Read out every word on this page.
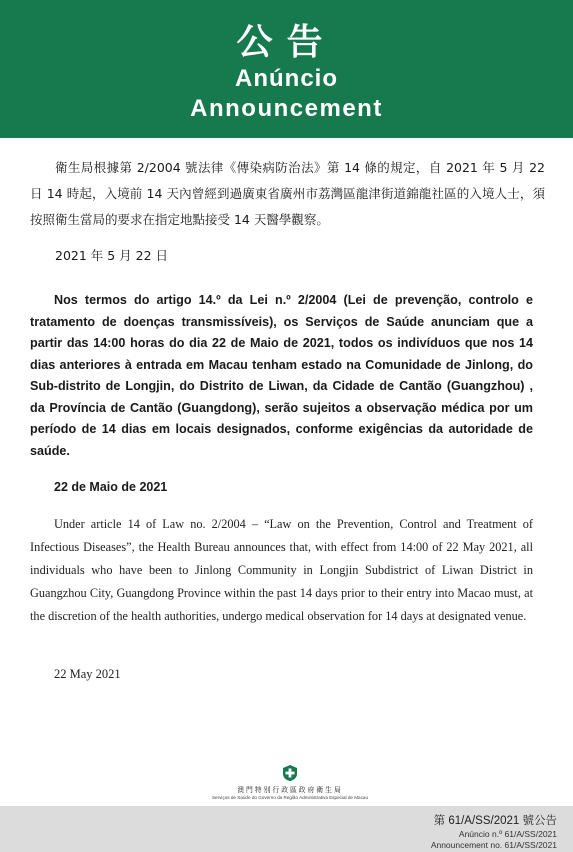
公告
Anúncio
Announcement
衛生局根據第 2/2004 號法律《傳染病防治法》第 14 條的規定，自 2021 年 5 月 22 日 14 時起，入境前 14 天內曾經到過廣東省廣州市荔灣區龍津街道錦龍社區的入境人士，須按照衛生當局的要求在指定地點接受 14 天醫學觀察。
2021 年 5 月 22 日
Nos termos do artigo 14.º da Lei n.º 2/2004 (Lei de prevenção, controlo e tratamento de doenças transmissíveis), os Serviços de Saúde anunciam que a partir das 14:00 horas do dia 22 de Maio de 2021, todos os indivíduos que nos 14 dias anteriores à entrada em Macau tenham estado na Comunidade de Jinlong, do Sub-distrito de Longjin, do Distrito de Liwan, da Cidade de Cantão (Guangzhou) , da Província de Cantão (Guangdong), serão sujeitos a observação médica por um período de 14 dias em locais designados, conforme exigências da autoridade de saúde.
22 de Maio de 2021
Under article 14 of Law no. 2/2004 – “Law on the Prevention, Control and Treatment of Infectious Diseases”, the Health Bureau announces that, with effect from 14:00 of 22 May 2021, all individuals who have been to Jinlong Community in Longjin Subdistrict of Liwan District in Guangzhou City, Guangdong Province within the past 14 days prior to their entry into Macao must, at the discretion of the health authorities, undergo medical observation for 14 days at designated venue.
22 May 2021
澳門特別行政區政府衛生局
Serviços de Saúde do Governo da Região Administrativa Especial de Macau
第 61/A/SS/2021 號公告
Anúncio n.º 61/A/SS/2021
Announcement no. 61/A/SS/2021
